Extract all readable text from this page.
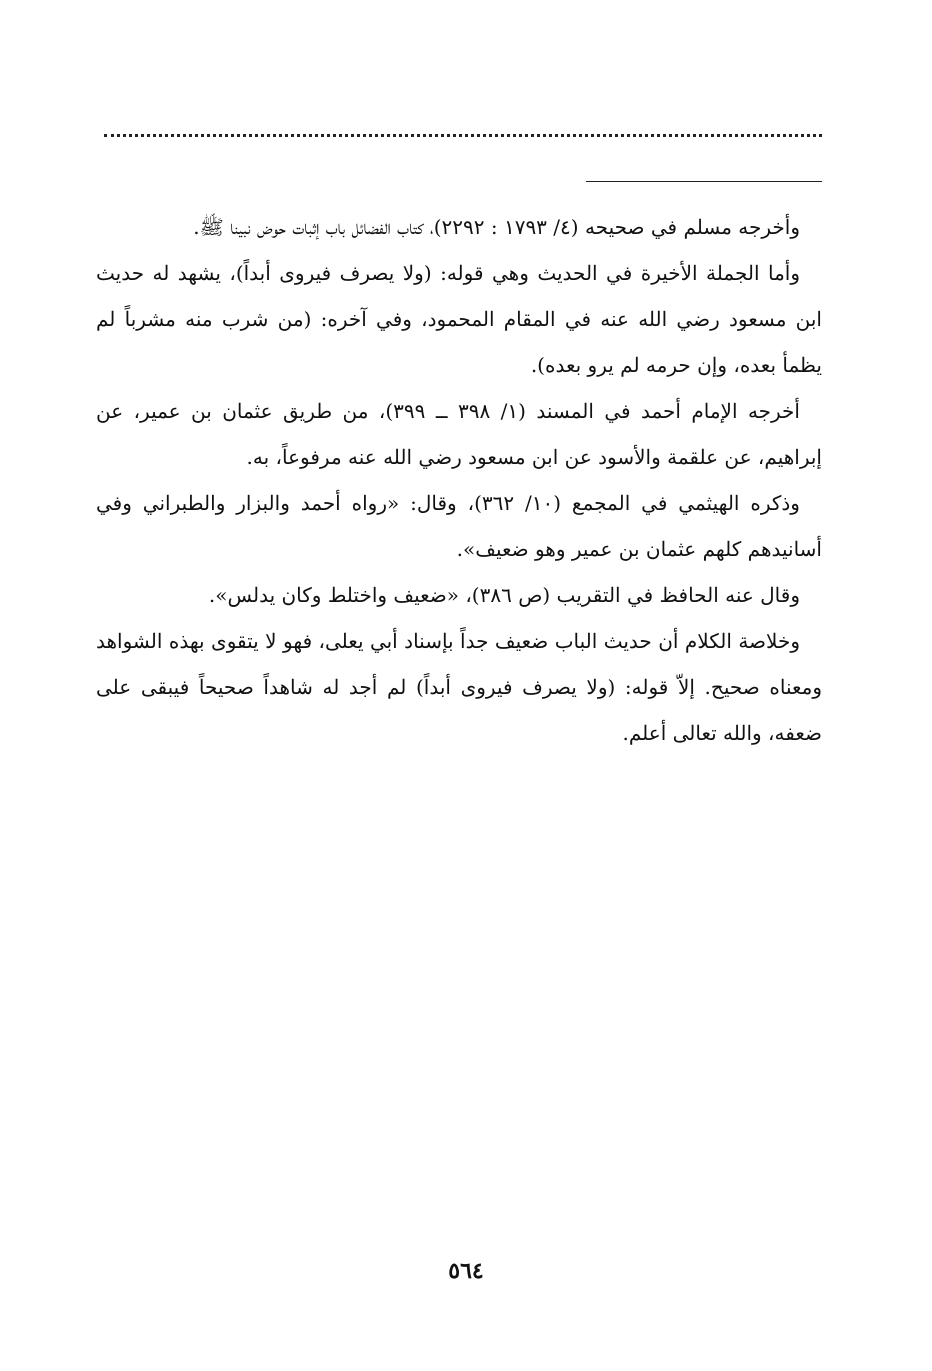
وأخرجه مسلم في صحيحه (٤/ ١٧٩٣ : ٢٢٩٢)، كتاب الفضائل باب إثبات حوض نبينا ﷺ.

وأما الجملة الأخيرة في الحديث وهي قوله: (ولا يصرف فيروى أبداً)، يشهد له حديث ابن مسعود رضي الله عنه في المقام المحمود، وفي آخره: (من شرب منه مشرباً لم يظمأ بعده، وإن حرمه لم يرو بعده).

أخرجه الإمام أحمد في المسند (١/ ٣٩٨ ــ ٣٩٩)، من طريق عثمان بن عمير، عن إبراهيم، عن علقمة والأسود عن ابن مسعود رضي الله عنه مرفوعاً، به.

وذكره الهيثمي في المجمع (١٠/ ٣٦٢)، وقال: «رواه أحمد والبزار والطبراني وفي أسانيدهم كلهم عثمان بن عمير وهو ضعيف».

وقال عنه الحافظ في التقريب (ص ٣٨٦)، «ضعيف واختلط وكان يدلس».

وخلاصة الكلام أن حديث الباب ضعيف جداً بإسناد أبي يعلى، فهو لا يتقوى بهذه الشواهد ومعناه صحيح. إلاّ قوله: (ولا يصرف فيروى أبداً) لم أجد له شاهداً صحيحاً فيبقى على ضعفه، والله تعالى أعلم.

٥٦٤
